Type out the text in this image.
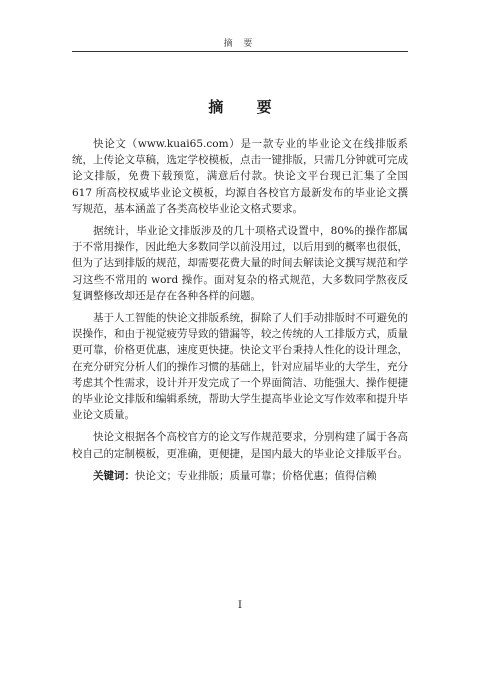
摘 要
摘 要

快论文（www.kuai65.com）是一款专业的毕业论文在线排版系统，上传论文草稿，选定学校模板，点击一键排版，只需几分钟就可完成论文排版，免费下载预览，满意后付款。快论文平台现已汇集了全国 617 所高校权威毕业论文模板，均源自各校官方最新发布的毕业论文撰写规范，基本涵盖了各类高校毕业论文格式要求。

据统计，毕业论文排版涉及的几十项格式设置中，80%的操作都属于不常用操作，因此绝大多数同学以前没用过，以后用到的概率也很低，但为了达到排版的规范，却需要花费大量的时间去解读论文撰写规范和学习这些不常用的 word 操作。面对复杂的格式规范，大多数同学熬夜反复调整修改却还是存在各种各样的问题。

基于人工智能的快论文排版系统，摒除了人们手动排版时不可避免的误操作，和由于视觉疲劳导致的错漏等，较之传统的人工排版方式，质量更可靠，价格更优惠，速度更快捷。快论文平台秉持人性化的设计理念，在充分研究分析人们的操作习惯的基础上，针对应届毕业的大学生，充分考虑其个性需求，设计并开发完成了一个界面简洁、功能强大、操作便捷的毕业论文排版和编辑系统，帮助大学生提高毕业论文写作效率和提升毕业论文质量。

快论文根据各个高校官方的论文写作规范要求，分别构建了属于各高校自己的定制模板，更准确，更便捷，是国内最大的毕业论文排版平台。

关键词：快论文；专业排版；质量可靠；价格优惠；值得信赖

I
